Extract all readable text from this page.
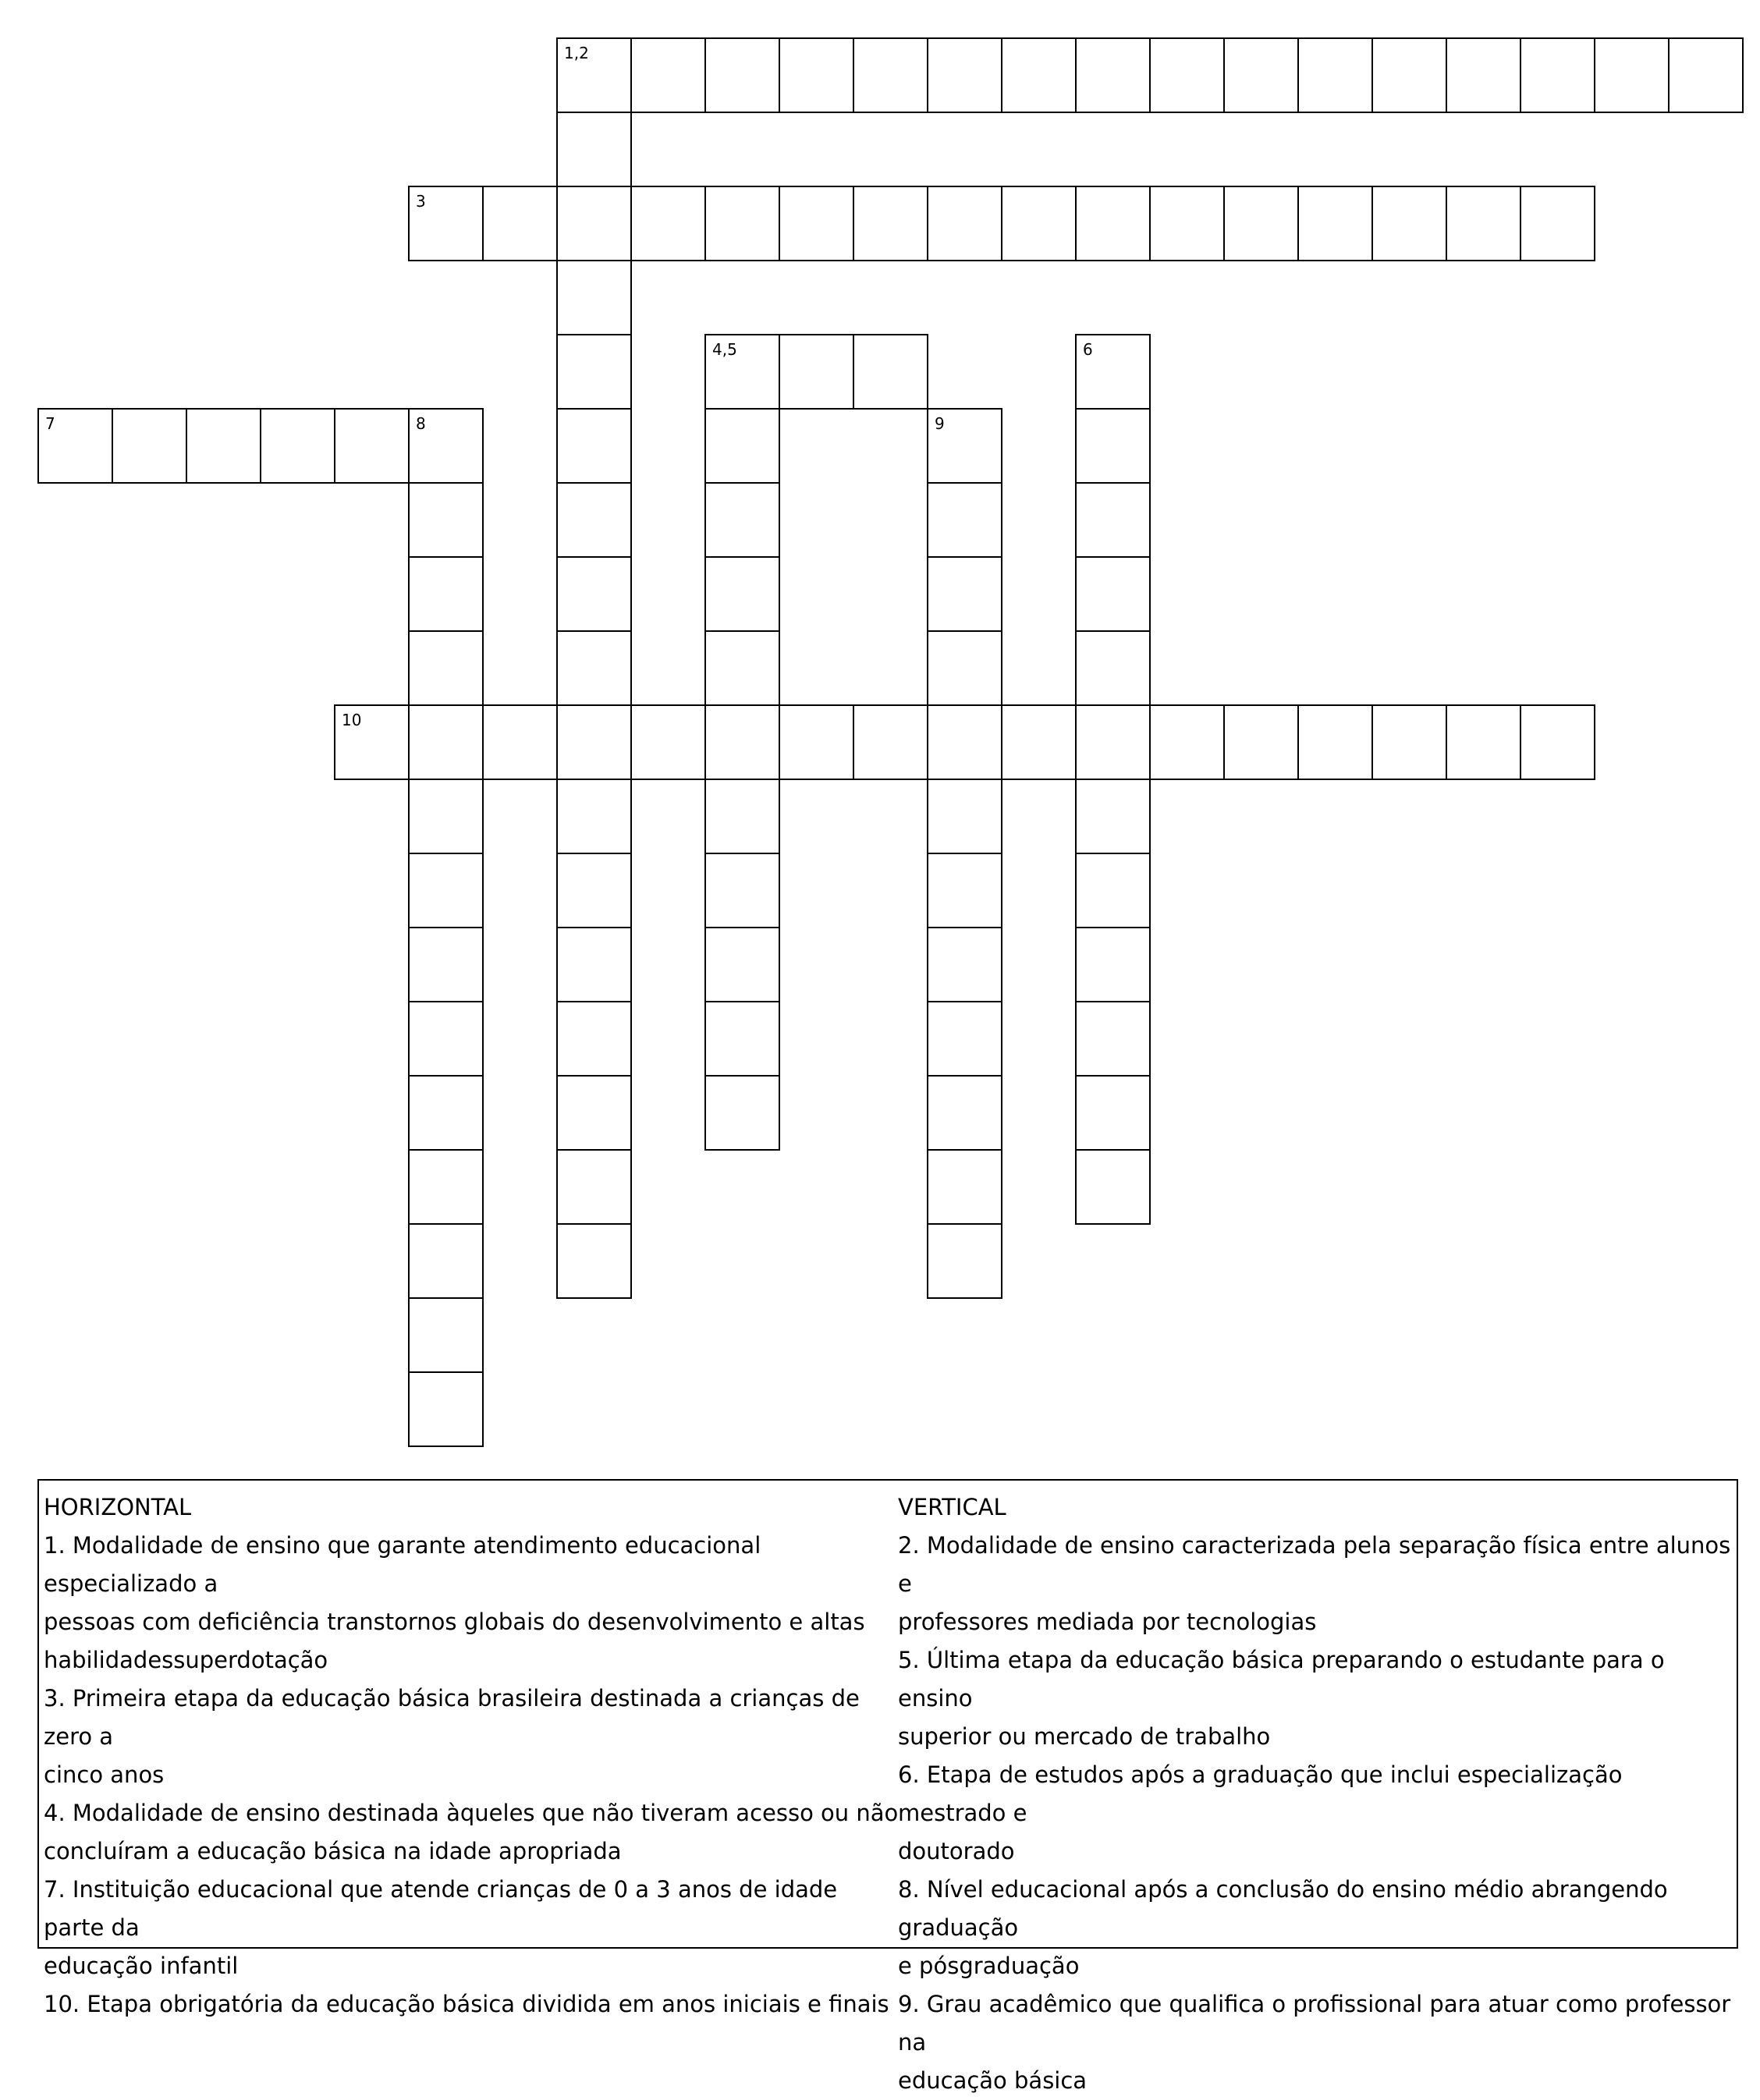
1,2
3
4,5
7	8
10
6
9
HORIZONTAL
1. Modalidade de ensino que garante atendimento educacional especializado a
pessoas com deficiência transtornos globais do desenvolvimento e altas
habilidadessuperdotação
3. Primeira etapa da educação básica brasileira destinada a crianças de zero a
cinco anos
4. Modalidade de ensino destinada àqueles que não tiveram acesso ou não
concluíram a educação básica na idade apropriada
7. Instituição educacional que atende crianças de 0 a 3 anos de idade parte da
educação infantil
10. Etapa obrigatória da educação básica dividida em anos iniciais e finais
VERTICAL
2. Modalidade de ensino caracterizada pela separação física entre alunos e
professores mediada por tecnologias
5. Última etapa da educação básica preparando o estudante para o ensino
superior ou mercado de trabalho
6. Etapa de estudos após a graduação que inclui especialização mestrado e
doutorado
8. Nível educacional após a conclusão do ensino médio abrangendo graduação
e pósgraduação
9. Grau acadêmico que qualifica o profissional para atuar como professor na
educação básica
